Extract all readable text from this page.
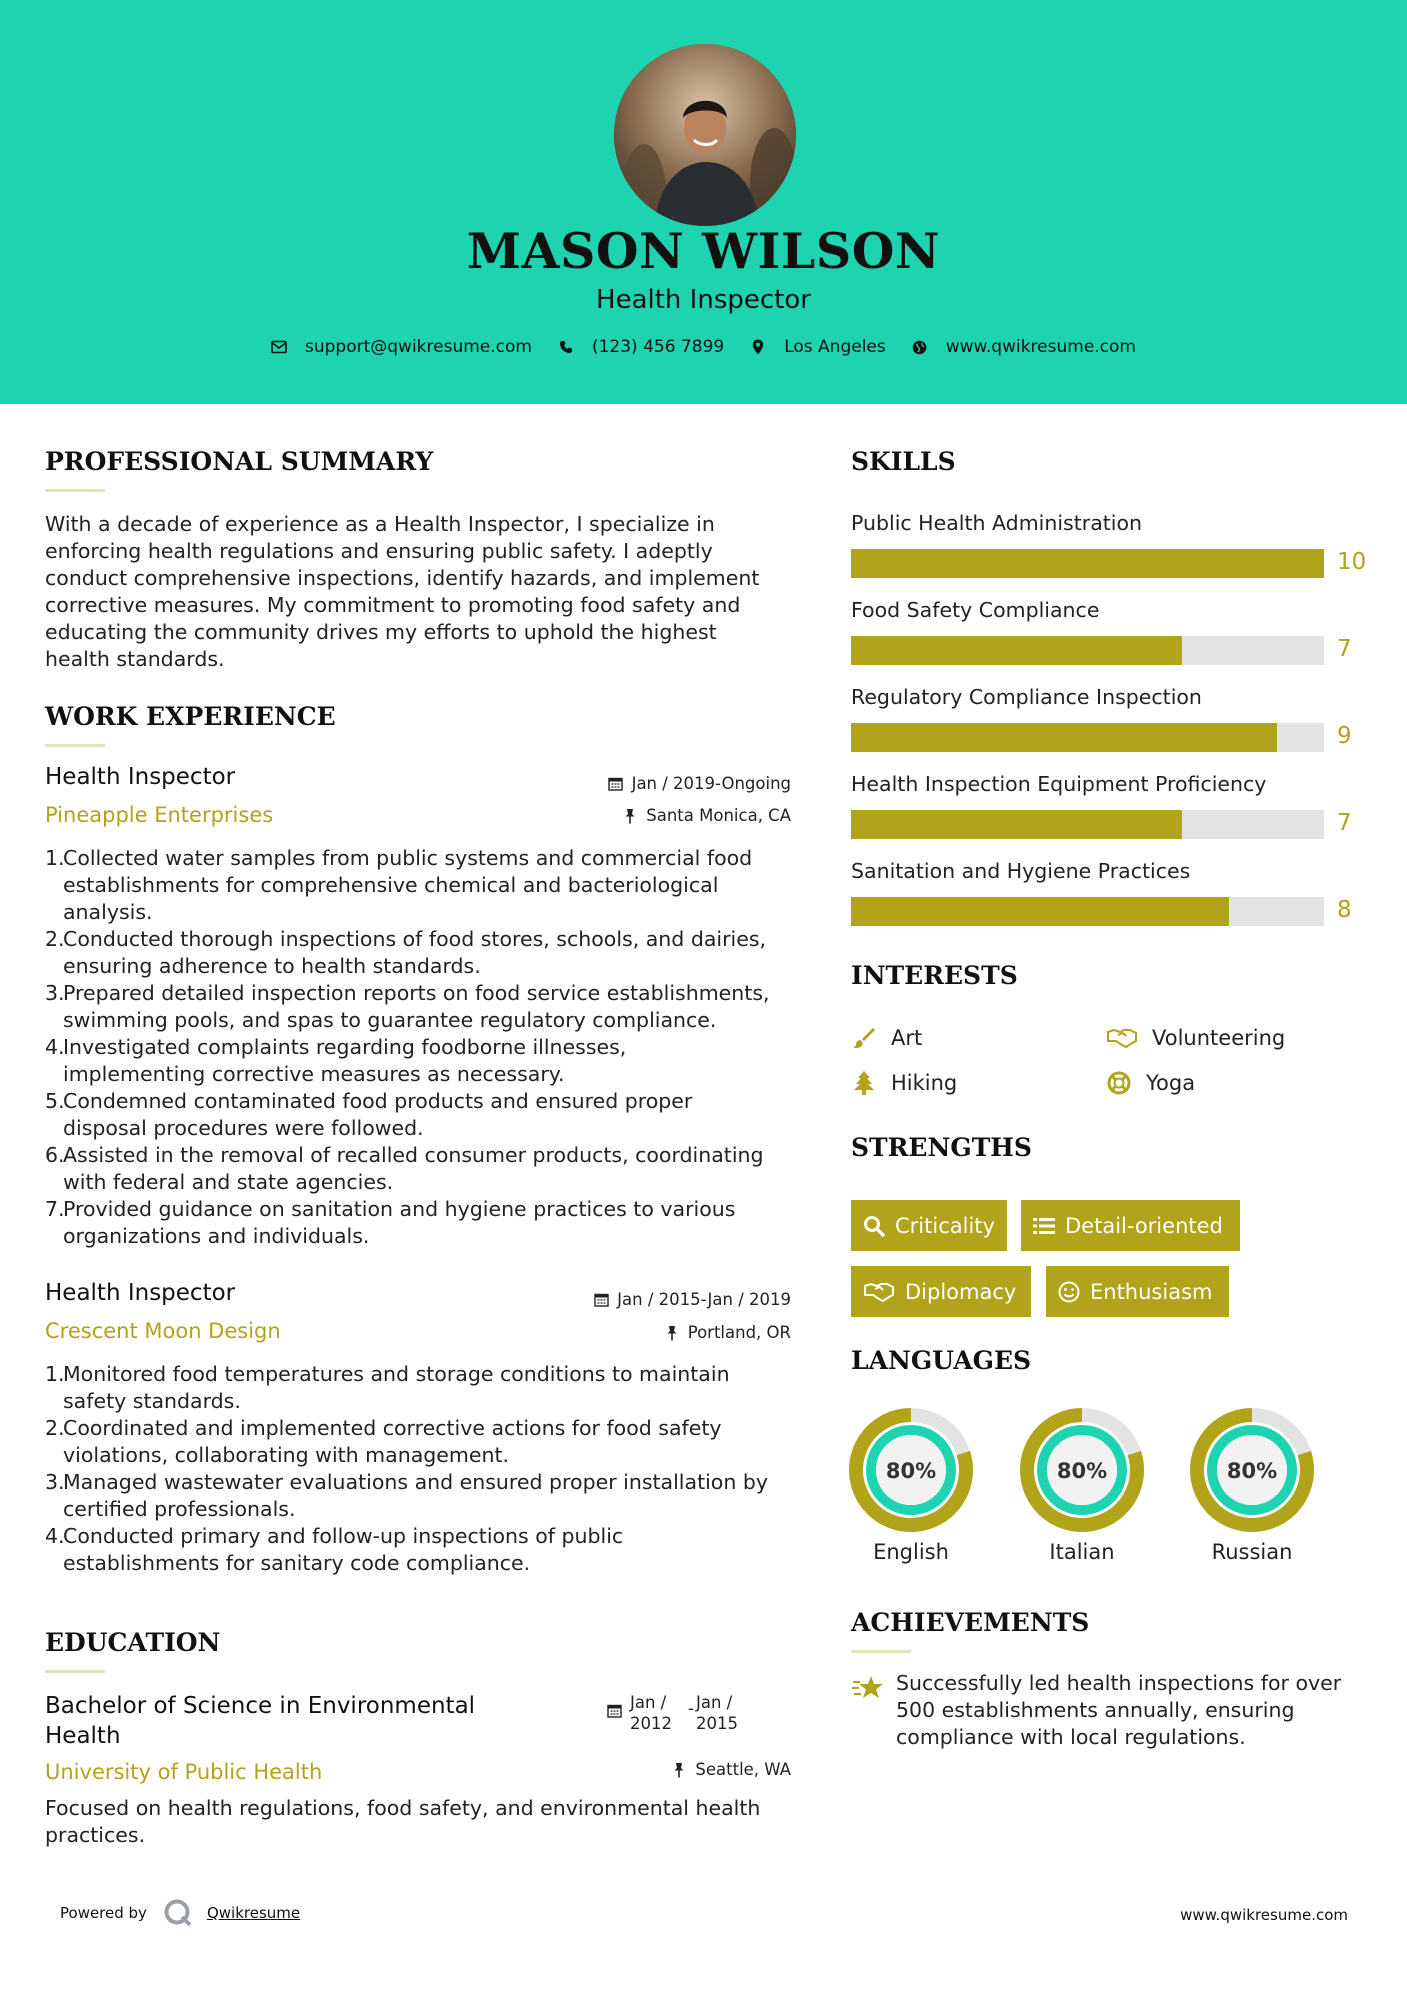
MASON WILSON
Health Inspector
support@qwikresume.com	(123) 456 7899	Los Angeles	www.qwikresume.com
PROFESSIONAL SUMMARY
With a decade of experience as a Health Inspector, I specialize in
enforcing health regulations and ensuring public safety. I adeptly
conduct comprehensive inspections, identify hazards, and implement
corrective measures. My commitment to promoting food safety and
educating the community drives my efforts to uphold the highest
health standards.
WORK EXPERIENCE
Health Inspector
Pineapple Enterprises
Jan / 2019-Ongoing
Santa Monica, CA
1.
Collected water samples from public systems and commercial food
establishments for comprehensive chemical and bacteriological
analysis.
2.
Conducted thorough inspections of food stores, schools, and dairies,
ensuring adherence to health standards.
3.
Prepared detailed inspection reports on food service establishments,
swimming pools, and spas to guarantee regulatory compliance.
4.
Investigated complaints regarding foodborne illnesses,
implementing corrective measures as necessary.
5.
Condemned contaminated food products and ensured proper
disposal procedures were followed.
6.
Assisted in the removal of recalled consumer products, coordinating
with federal and state agencies.
7.
Provided guidance on sanitation and hygiene practices to various
organizations and individuals.
Health Inspector
Crescent Moon Design
Jan / 2015-Jan / 2019
Portland, OR
1.
Monitored food temperatures and storage conditions to maintain
safety standards.
2.
Coordinated and implemented corrective actions for food safety
violations, collaborating with management.
3.
Managed wastewater evaluations and ensured proper installation by
certified professionals.
4.
Conducted primary and follow-up inspections of public
establishments for sanitary code compliance.
EDUCATION
Bachelor of Science in Environmental
Health
Jan /
2012
- Jan /
2015
University of Public Health	Seattle, WA
Focused on health regulations, food safety, and environmental health
practices.
SKILLS
Public Health Administration
10
Food Safety Compliance
7
Regulatory Compliance Inspection
9
Health Inspection Equipment Proficiency
7
Sanitation and Hygiene Practices
8
INTERESTS
Art	Volunteering
Hiking	Yoga
STRENGTHS
Criticality	Detail-oriented
Diplomacy	Enthusiasm
LANGUAGES
80%
English
80%
Italian
80%
Russian
ACHIEVEMENTS
Successfully led health inspections for over
500 establishments annually, ensuring
compliance with local regulations.
Powered by	Qwikresume	www.qwikresume.com
